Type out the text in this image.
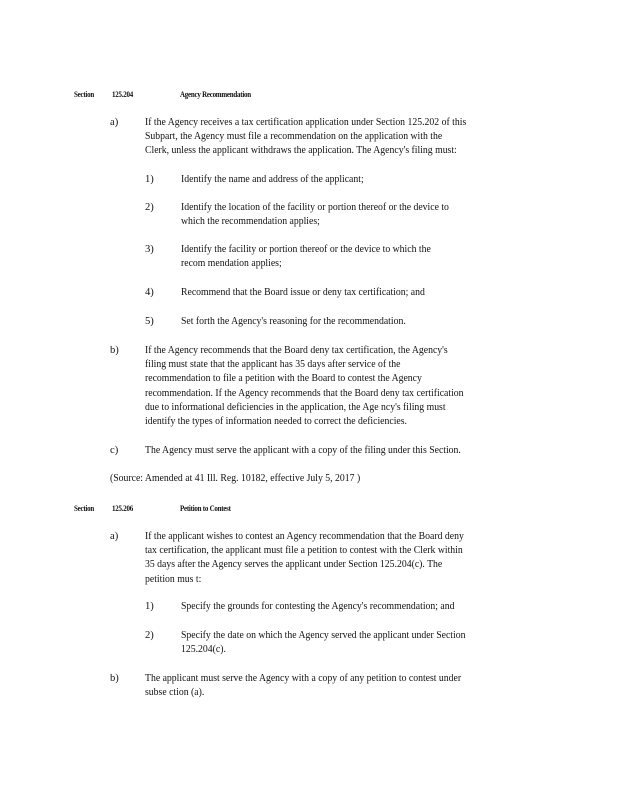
Section 125.204	Agency Recommendation
a)	If the Agency receives a tax certification application under Section 125.202 of this
Subpart, the Agency must file a recommendation on the application with the
Clerk, unless the applicant withdraws the application. The Agency's filing must:
1)	Identify the name and address of the applicant;
2)	Identify the location of the facility or portion thereof or the device to
which the recommendation applies;
3)	Identify the facility or portion thereof or the device to which the
recom mendation applies;
4)	Recommend that the Board issue or deny tax certification; and
5)	Set forth the Agency's reasoning for the recommendation.
b) If the Agency recommends that the Board deny tax certification, the Agency's
filing must state that the applicant has 35 days after service of the
recommendation to file a petition with the Board to contest the Agency
recommendation. If the Agency recommends that the Board deny tax certification
due to informational deficiencies in the application, the Age ncy's filing must
identify the types of information needed to correct the deficiencies.
c)	The Agency must serve the applicant with a copy of the filing under this Section.
(Source: Amended at 41 Ill. Reg. 10182, effective July 5, 2017 )
Section 125.206	Petition to Contest
a)	If the applicant wishes to contest an Agency recommendation that the Board deny
tax certification, the applicant must file a petition to contest with the Clerk within
35 days after the Agency serves the applicant under Section 125.204(c). The
petition mus t:
1)	Specify the grounds for contesting the Agency's recommendation; and
2)	Specify the date on which the Agency served the applicant under Section
125.204(c).
b) The applicant must serve the Agency with a copy of any petition to contest under
subse ction (a).
